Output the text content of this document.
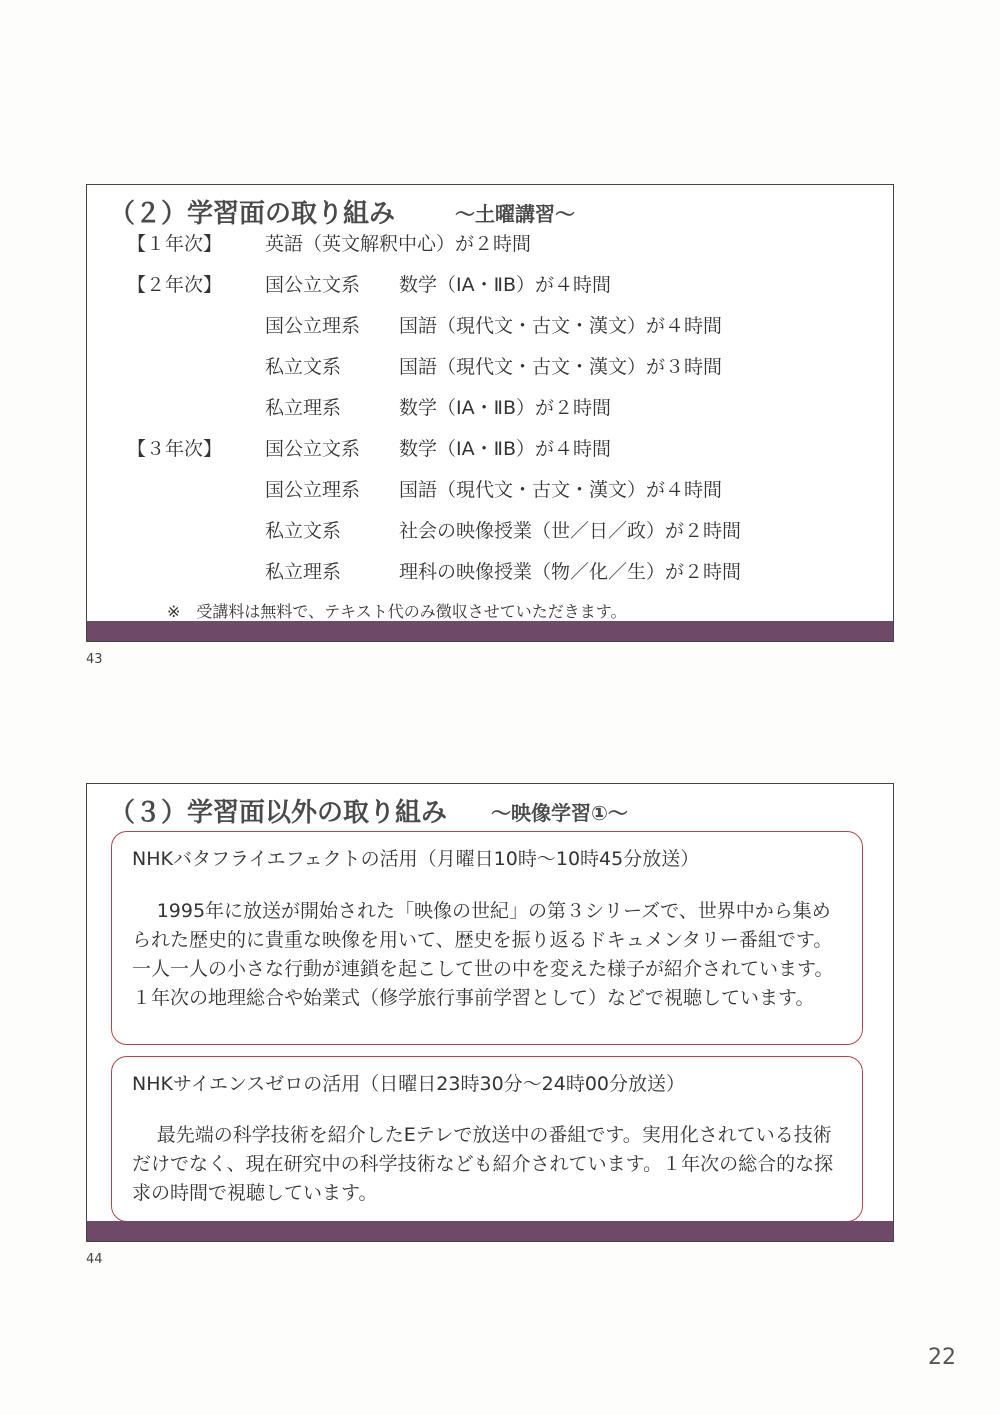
（２）学習面の取り組み	～土曜講習～
【１年次】 英語（英文解釈中心）が２時間
【２年次】 国公立文系 数学（ⅠA・ⅡB）が４時間
国公立理系 国語（現代文・古文・漢文）が４時間
私立文系	国語（現代文・古文・漢文）が３時間
私立理系	数学（ⅠA・ⅡB）が２時間
【３年次】 国公立文系 数学（ⅠA・ⅡB）が４時間
国公立理系 国語（現代文・古文・漢文）が４時間
私立文系	社会の映像授業（世／日／政）が２時間
私立理系	理科の映像授業（物／化／生）が２時間
※　受講料は無料で、テキスト代のみ徴収させていただきます。
43
（３）学習面以外の取り組み ～映像学習①～
NHKバタフライエフェクトの活用（月曜日10時～10時45分放送）
1995年に放送が開始された「映像の世紀」の第３シリーズで、世界中から集められた歴史的に貴重な映像を用いて、歴史を振り返るドキュメンタリー番組です。一人一人の小さな行動が連鎖を起こして世の中を変えた様子が紹介されています。１年次の地理総合や始業式（修学旅行事前学習として）などで視聴しています。
NHKサイエンスゼロの活用（日曜日23時30分～24時00分放送）
最先端の科学技術を紹介したEテレで放送中の番組です。実用化されている技術だけでなく、現在研究中の科学技術なども紹介されています。１年次の総合的な探求の時間で視聴しています。
44
22
